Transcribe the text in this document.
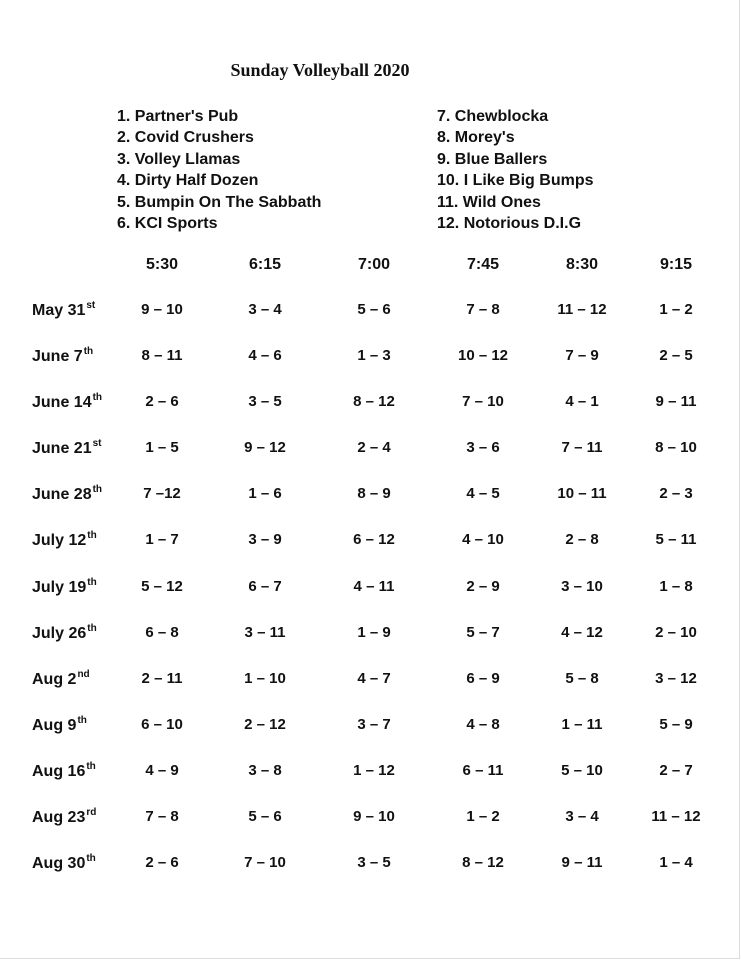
Sunday Volleyball 2020
1. Partner's Pub
2. Covid Crushers
3. Volley Llamas
4. Dirty Half Dozen
5. Bumpin On The Sabbath
6. KCI Sports
7. Chewblocka
8. Morey's
9. Blue Ballers
10. I Like Big Bumps
11. Wild Ones
12. Notorious D.I.G
5:30	6:15	7:00	7:45	8:30	9:15
May 31st	9 – 10	3 – 4	5 – 6	7 – 8	11 – 12	1 – 2
June 7th	8 – 11	4 – 6	1 – 3	10 – 12	7 – 9	2 – 5
June 14th	2 – 6	3 – 5	8 – 12	7 – 10	4 – 1	9 – 11
June 21st	1 – 5	9 – 12	2 – 4	3 – 6	7 – 11	8 – 10
June 28th	7 –12	1 – 6	8 – 9	4 – 5	10 – 11	2 – 3
July 12th	1 – 7	3 – 9	6 – 12	4 – 10	2 – 8	5 – 11
July 19th	5 – 12	6 – 7	4 – 11	2 – 9	3 – 10	1 – 8
July 26th	6 – 8	3 – 11	1 – 9	5 – 7	4 – 12	2 – 10
Aug 2nd	2 – 11	1 – 10	4 – 7	6 – 9	5 – 8	3 – 12
Aug 9th	6 – 10	2 – 12	3 – 7	4 – 8	1 – 11	5 – 9
Aug 16th	4 – 9	3 – 8	1 – 12	6 – 11	5 – 10	2 – 7
Aug 23rd	7 – 8	5 – 6	9 – 10	1 – 2	3 – 4	11 – 12
Aug 30th	2 – 6	7 – 10	3 – 5	8 – 12	9 – 11	1 – 4
